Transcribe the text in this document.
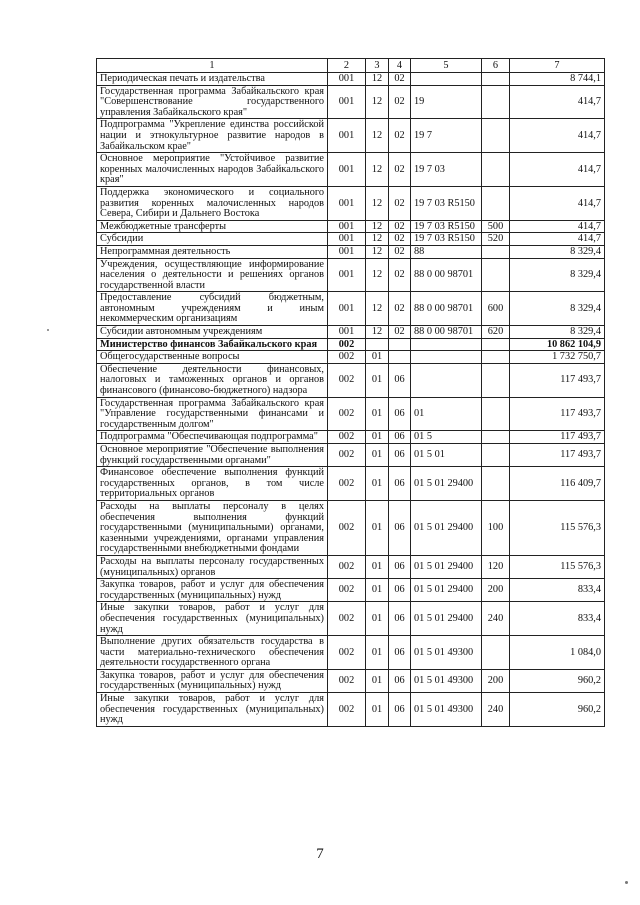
1	2	3	4	5	6	7
Периодическая печать и издательства	001	12	02			8 744,1
Государственная программа Забайкальского края "Совершенствование государственного управления Забайкальского края"	001	12	02	19		414,7
Подпрограмма "Укрепление единства российской нации и этнокультурное развитие народов в Забайкальском крае"	001	12	02	19 7		414,7
Основное мероприятие "Устойчивое развитие коренных малочисленных народов Забайкальского края"	001	12	02	19 7 03		414,7
Поддержка экономического и социального развития коренных малочисленных народов Севера, Сибири и Дальнего Востока	001	12	02	19 7 03 R5150		414,7
Межбюджетные трансферты	001	12	02	19 7 03 R5150	500	414,7
Субсидии	001	12	02	19 7 03 R5150	520	414,7
Непрограммная деятельность	001	12	02	88		8 329,4
Учреждения, осуществляющие информирование населения о деятельности и решениях органов государственной власти	001	12	02	88 0 00 98701		8 329,4
Предоставление субсидий бюджетным, автономным учреждениям и иным некоммерческим организациям	001	12	02	88 0 00 98701	600	8 329,4
Субсидии автономным учреждениям	001	12	02	88 0 00 98701	620	8 329,4
Министерство финансов Забайкальского края	002					10 862 104,9
Общегосударственные вопросы	002	01				1 732 750,7
Обеспечение деятельности финансовых, налоговых и таможенных органов и органов финансового (финансово-бюджетного) надзора	002	01	06			117 493,7
Государственная программа Забайкальского края "Управление государственными финансами и государственным долгом"	002	01	06	01		117 493,7
Подпрограмма "Обеспечивающая подпрограмма"	002	01	06	01 5		117 493,7
Основное мероприятие "Обеспечение выполнения функций государственными органами"	002	01	06	01 5 01		117 493,7
Финансовое обеспечение выполнения функций государственных органов, в том числе территориальных органов	002	01	06	01 5 01 29400		116 409,7
Расходы на выплаты персоналу в целях обеспечения выполнения функций государственными (муниципальными) органами, казенными учреждениями, органами управления государственными внебюджетными фондами	002	01	06	01 5 01 29400	100	115 576,3
Расходы на выплаты персоналу государственных (муниципальных) органов	002	01	06	01 5 01 29400	120	115 576,3
Закупка товаров, работ и услуг для обеспечения государственных (муниципальных) нужд	002	01	06	01 5 01 29400	200	833,4
Иные закупки товаров, работ и услуг для обеспечения государственных (муниципальных) нужд	002	01	06	01 5 01 29400	240	833,4
Выполнение других обязательств государства в части материально-технического обеспечения деятельности государственного органа	002	01	06	01 5 01 49300		1 084,0
Закупка товаров, работ и услуг для обеспечения государственных (муниципальных) нужд	002	01	06	01 5 01 49300	200	960,2
Иные закупки товаров, работ и услуг для обеспечения государственных (муниципальных) нужд	002	01	06	01 5 01 49300	240	960,2
7
